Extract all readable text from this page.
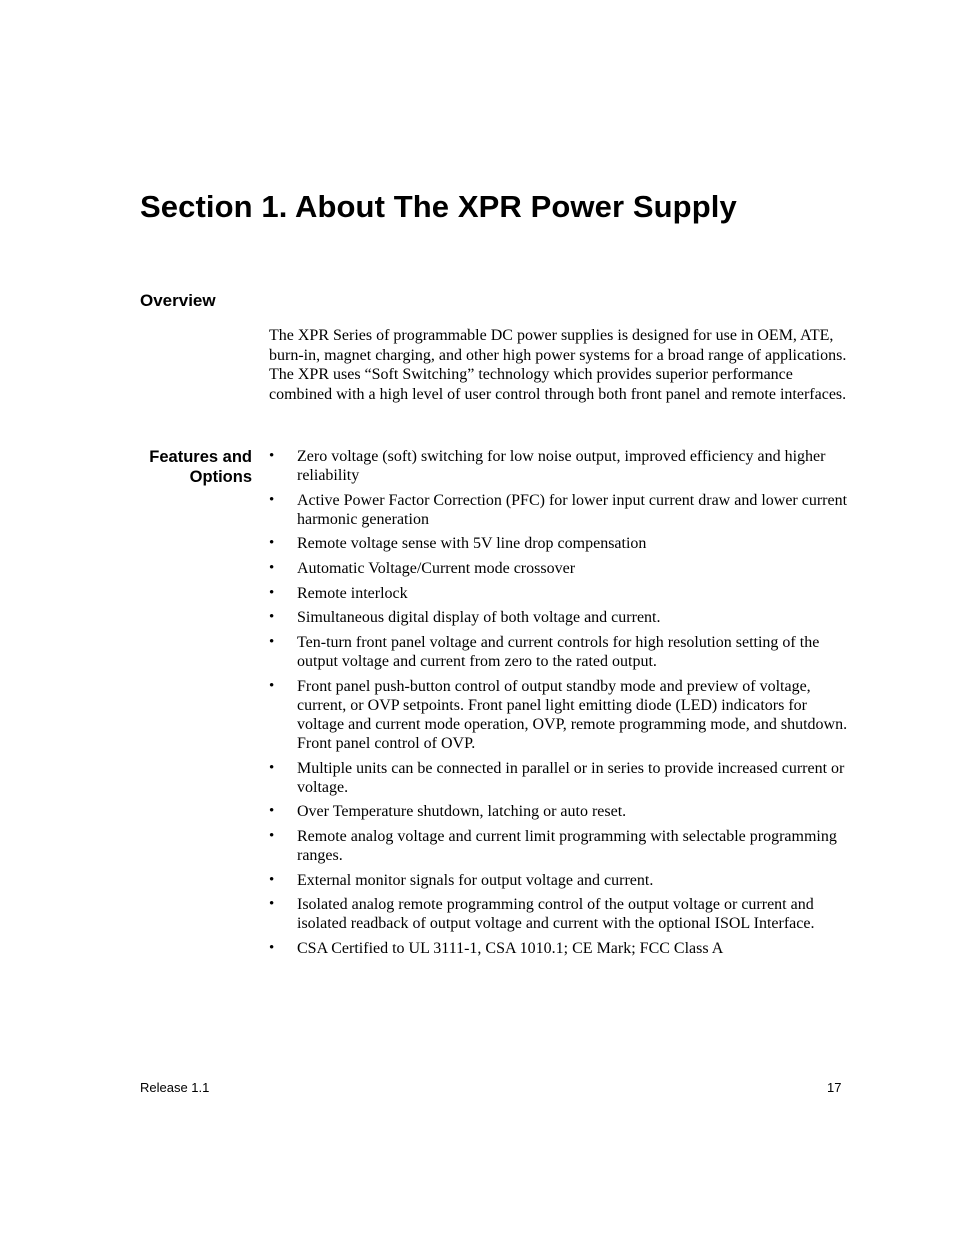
Section 1. About The XPR Power Supply
Overview

The XPR Series of programmable DC power supplies is designed for use in OEM, ATE, burn-in, magnet charging, and other high power systems for a broad range of applications. The XPR uses “Soft Switching” technology which provides superior performance combined with a high level of user control through both front panel and remote interfaces.

Features and Options
• Zero voltage (soft) switching for low noise output, improved efficiency and higher reliability
• Active Power Factor Correction (PFC) for lower input current draw and lower current harmonic generation
• Remote voltage sense with 5V line drop compensation
• Automatic Voltage/Current mode crossover
• Remote interlock
• Simultaneous digital display of both voltage and current.
• Ten-turn front panel voltage and current controls for high resolution setting of the output voltage and current from zero to the rated output.
• Front panel push-button control of output standby mode and preview of voltage, current, or OVP setpoints. Front panel light emitting diode (LED) indicators for voltage and current mode operation, OVP, remote programming mode, and shutdown. Front panel control of OVP.
• Multiple units can be connected in parallel or in series to provide increased current or voltage.
• Over Temperature shutdown, latching or auto reset.
• Remote analog voltage and current limit programming with selectable programming ranges.
• External monitor signals for output voltage and current.
• Isolated analog remote programming control of the output voltage or current and isolated readback of output voltage and current with the optional ISOL Interface.
• CSA Certified to UL 3111-1, CSA 1010.1; CE Mark; FCC Class A
Release 1.1	17
